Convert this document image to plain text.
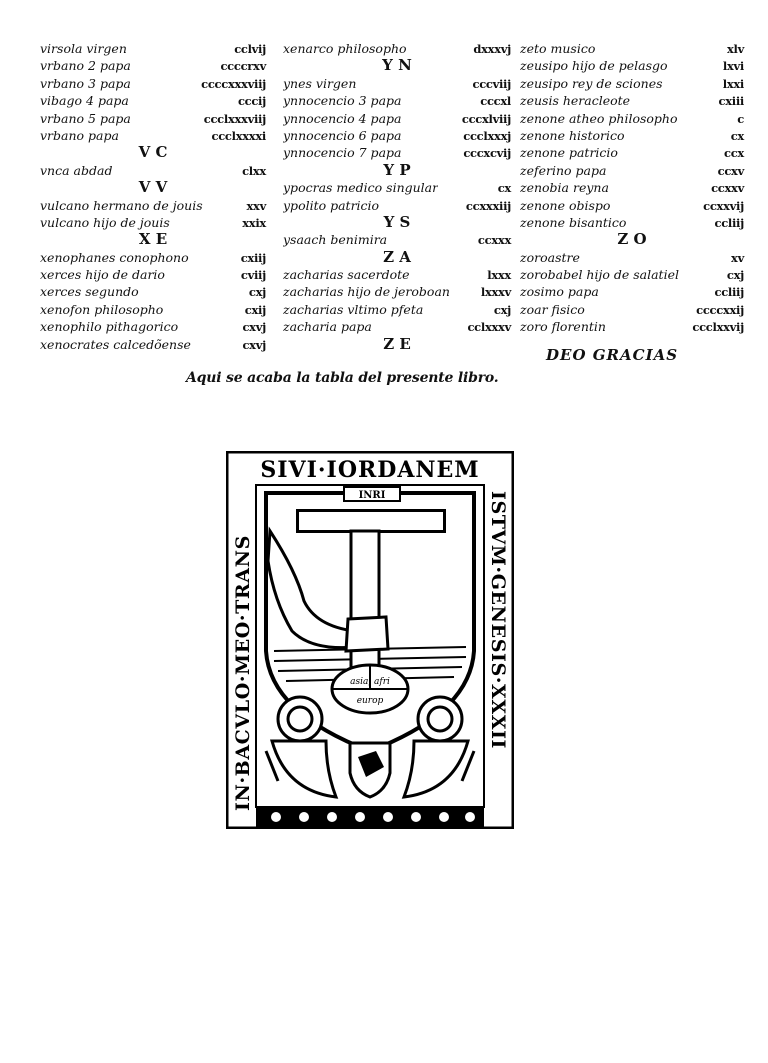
virsola virgen	cclvij
vrbano 2 papa	ccccrxv
vrbano 3 papa	ccccxxxviij
vibago 4 papa	cccij
vrbano 5 papa	ccclxxxviij
vrbano papa	ccclxxxxi
V C
vnca abdad	clxx
V V
vulcano hermano de jouis	xxv
vulcano hijo de jouis	xxix
X E
xenophanes conophono	cxiij
xerces hijo de dario	cviij
xerces segundo	cxj
xenofon philosopho	cxij
xenophilo pithagorico	cxvj
xenocrates calcedõense	cxvj
xenarco philosopho	dxxxvj
Y N
ynes virgen	cccviij
ynnocencio 3 papa	cccxl
ynnocencio 4 papa	cccxlviij
ynnocencio 6 papa	ccclxxxj
ynnocencio 7 papa	cccxcvij
Y P
ypocras medico singular	cx
ypolito patricio	ccxxxiij
Y S
ysaach benimira	ccxxx
Z A
zacharias sacerdote	lxxx
zacharias hijo de jeroboan	lxxxv
zacharias vltimo pfeta	cxj
zacharia papa	cclxxxv
Z E
zeto musico	xlv
zeusipo hijo de pelasgo	lxvi
zeusipo rey de sciones	lxxi
zeusis heracleote	cxiii
zenone atheo philosopho	c
zenone historico	cx
zenone patricio	ccx
zeferino papa	ccxv
zenobia reyna	ccxxv
zenone obispo	ccxxvij
zenone bisantico	ccliij
Z O
zoroastre	xv
zorobabel hijo de salatiel	cxj
zosimo papa	ccliij
zoar fisico	ccccxxij
zoro florentin	ccclxxvij
Aqui se acaba la tabla del presente libro.
DEO GRACIAS
SIVI·IORDANEM
IN·BACVLO·MEO·TRANS	ISTVM·GENESIS·XXXII
INRI
asia, afri
europ
